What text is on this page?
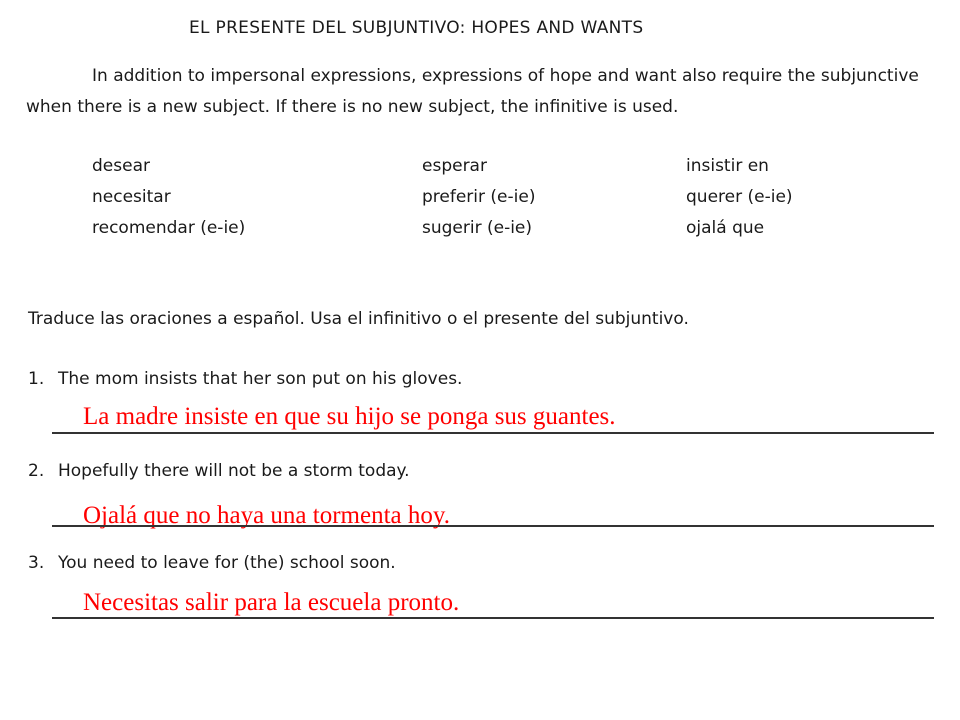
EL PRESENTE DEL SUBJUNTIVO: HOPES AND WANTS
In addition to impersonal expressions, expressions of hope and want also require the subjunctive when there is a new subject. If there is no new subject, the infinitive is used.
desear
necesitar
recomendar (e-ie)
esperar
preferir (e-ie)
sugerir (e-ie)
insistir en
querer (e-ie)
ojalá que
Traduce las oraciones a español. Usa el infinitivo o el presente del subjuntivo.
1. The mom insists that her son put on his gloves.
La madre insiste en que su hijo se ponga sus guantes.
2. Hopefully there will not be a storm today.
Ojalá que no haya una tormenta hoy.
3. You need to leave for (the) school soon.
Necesitas salir para la escuela pronto.
